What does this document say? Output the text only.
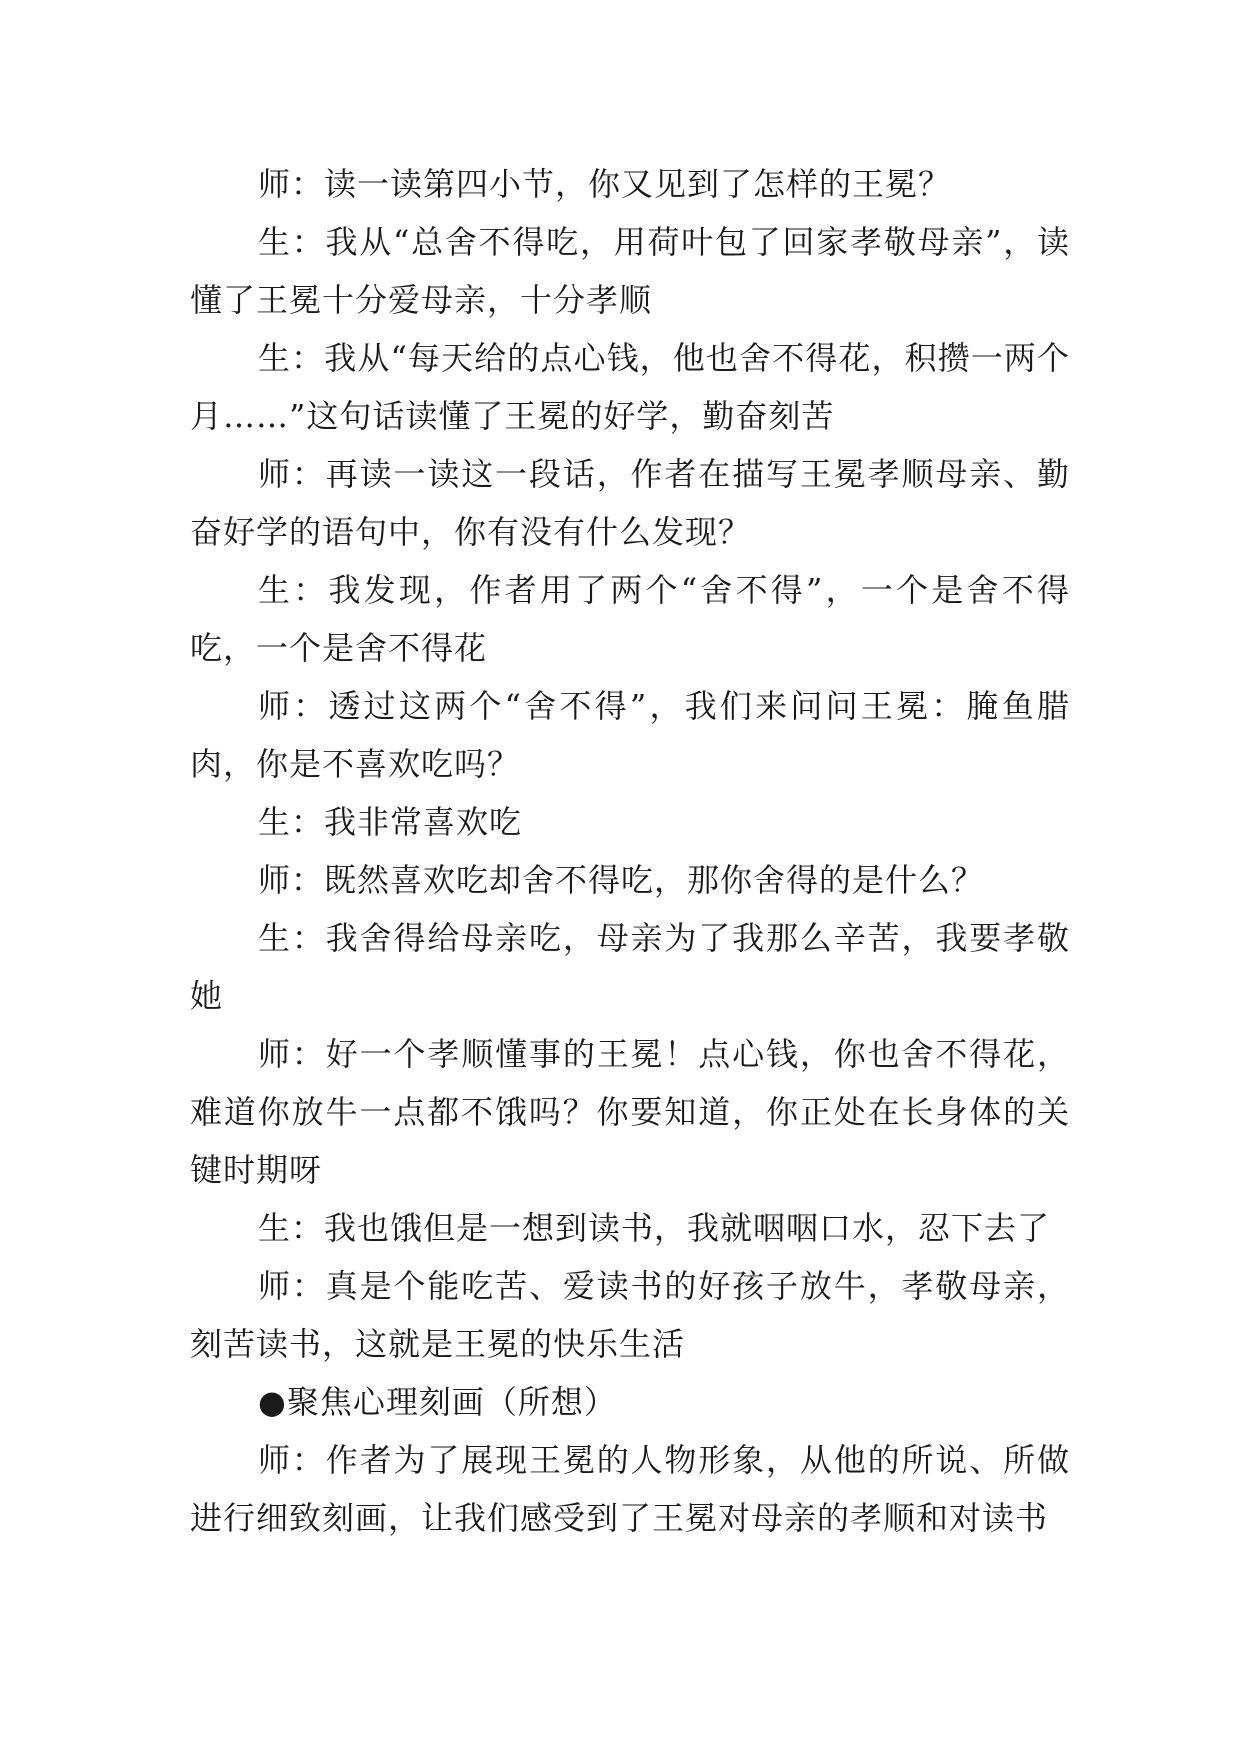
师：读一读第四小节，你又见到了怎样的王冕？

生：我从“总舍不得吃，用荷叶包了回家孝敬母亲”，读懂了王冕十分爱母亲，十分孝顺

生：我从“每天给的点心钱，他也舍不得花，积攒一两个月……”这句话读懂了王冕的好学，勤奋刻苦

师：再读一读这一段话，作者在描写王冕孝顺母亲、勤奋好学的语句中，你有没有什么发现？

生：我发现，作者用了两个“舍不得”，一个是舍不得吃，一个是舍不得花

师：透过这两个“舍不得”，我们来问问王冕：腌鱼腊肉，你是不喜欢吃吗？

生：我非常喜欢吃

师：既然喜欢吃却舍不得吃，那你舍得的是什么？

生：我舍得给母亲吃，母亲为了我那么辛苦，我要孝敬她

师：好一个孝顺懂事的王冕！点心钱，你也舍不得花，难道你放牛一点都不饿吗？你要知道，你正处在长身体的关键时期呀

生：我也饿但是一想到读书，我就咽咽口水，忍下去了

师：真是个能吃苦、爱读书的好孩子放牛，孝敬母亲，刻苦读书，这就是王冕的快乐生活

●聚焦心理刻画（所想）

师：作者为了展现王冕的人物形象，从他的所说、所做进行细致刻画，让我们感受到了王冕对母亲的孝顺和对读书
